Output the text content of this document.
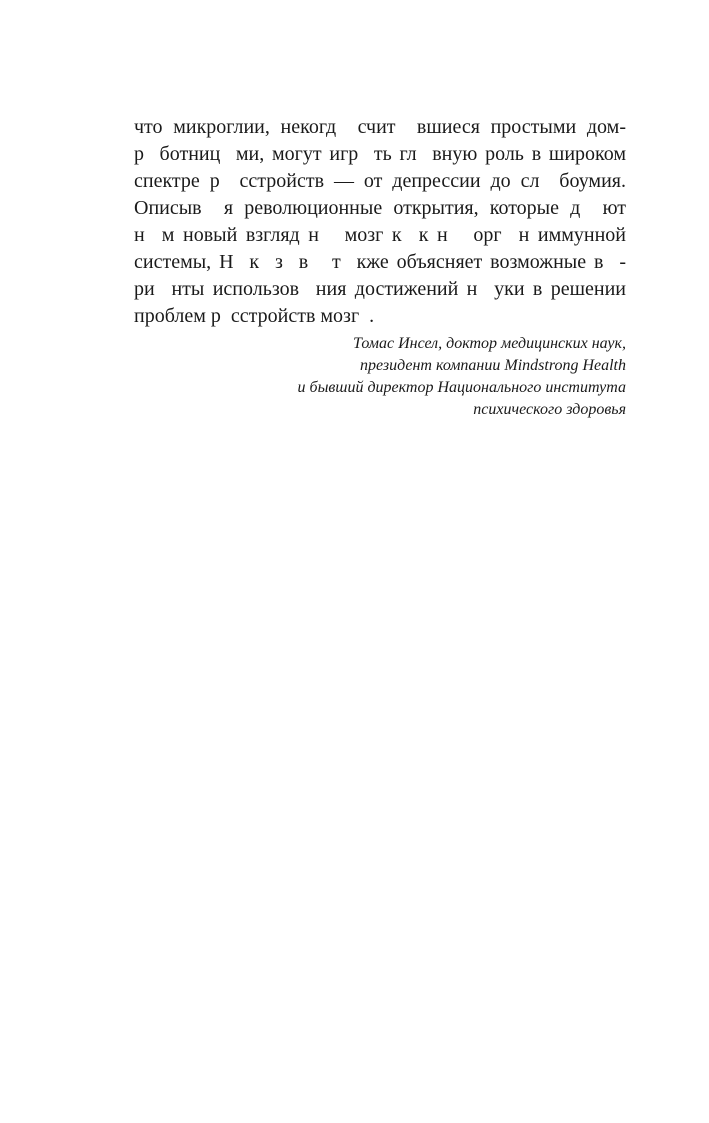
что микроглии, некогд  счит  вшиеся простыми дом-
р  ботниц  ми, могут игр  ть гл  вную роль в широком
спектре р  сстройств — от депрессии до сл  боумия.
Описыв  я революционные открытия, которые д  ют
н  м новый взгляд н   мозг к  к н   орг  н иммунной
системы, Н  к  з  в   т  кже объясняет возможные в  -
ри  нты использов  ния достижений н  уки в решении
проблем р  сстройств мозг  .
Томас Инсел, доктор медицинских наук,
президент компании Mindstrong Health
и бывший директор Национального института
психического здоровья
